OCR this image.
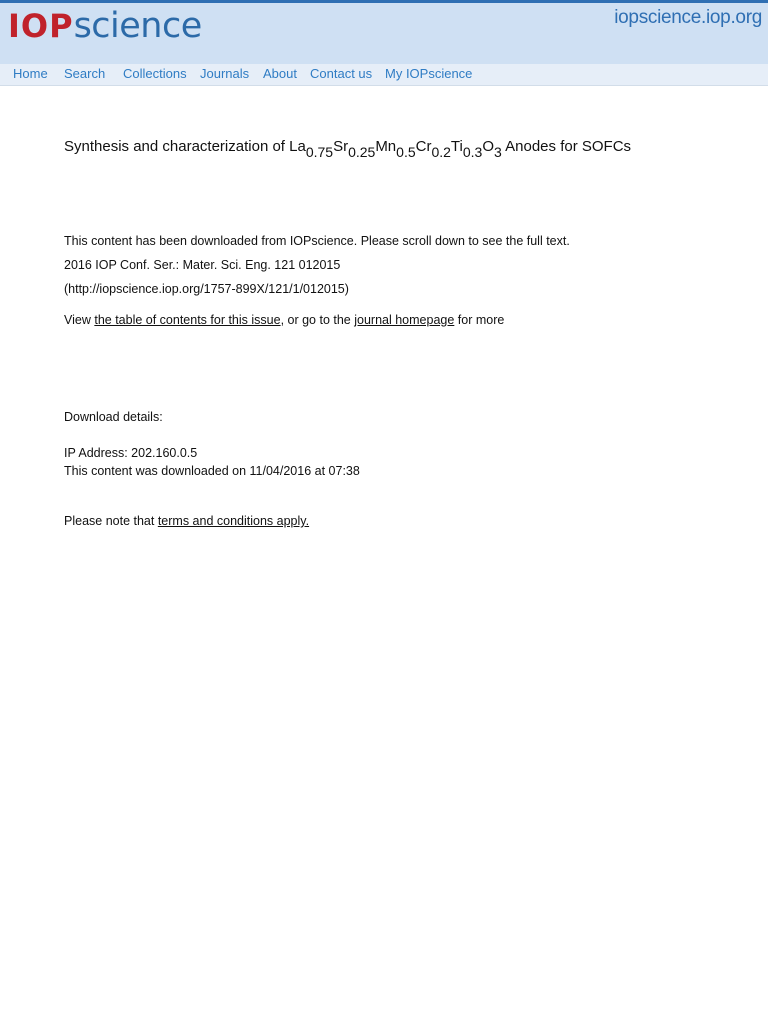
IOPscience	iopscience.iop.org
Home Search Collections Journals About Contact us My IOPscience
Synthesis and characterization of $La_{0.75}Sr_{0.25}Mn_{0.5}Cr_{0.2}Ti_{0.3}O_3$ Anodes for SOFCs
This content has been downloaded from IOPscience. Please scroll down to see the full text.
2016 IOP Conf. Ser.: Mater. Sci. Eng. 121 012015
(http://iopscience.iop.org/1757-899X/121/1/012015)
View the table of contents for this issue, or go to the journal homepage for more
Download details:
IP Address: 202.160.0.5
This content was downloaded on 11/04/2016 at 07:38
Please note that terms and conditions apply.
